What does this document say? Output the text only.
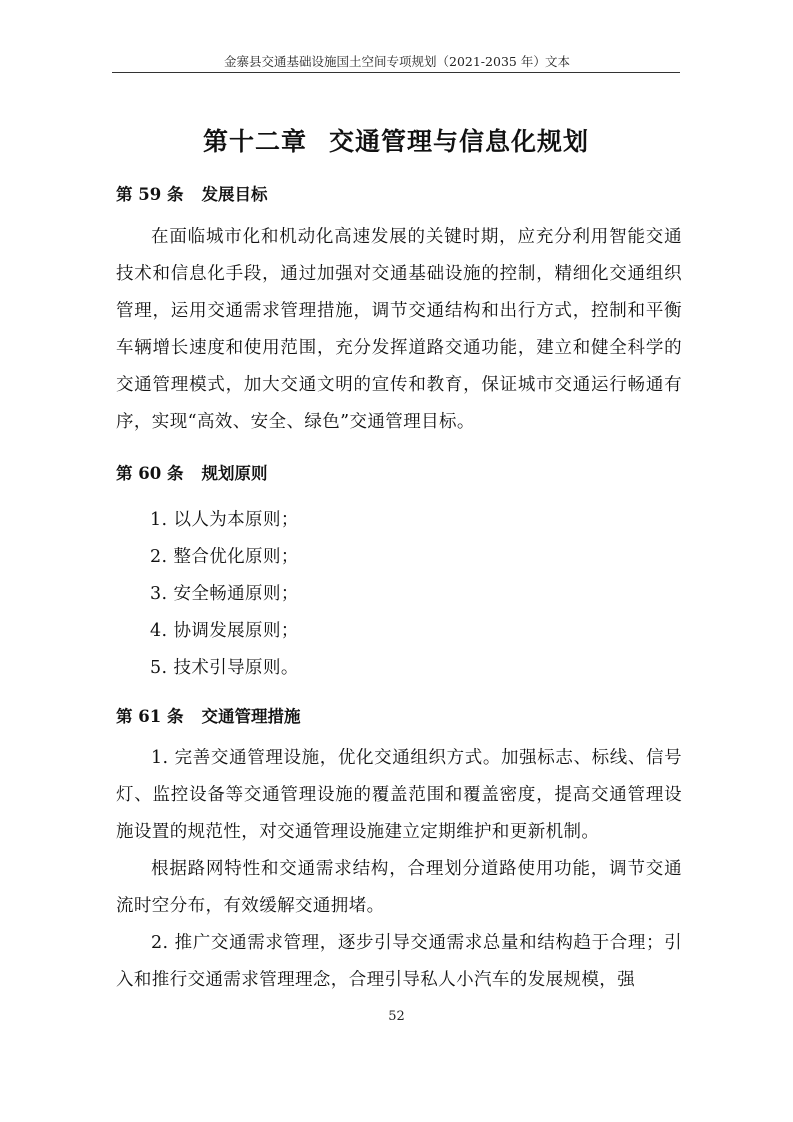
金寨县交通基础设施国土空间专项规划（2021-2035 年） 文本
第十二章 交通管理与信息化规划
第 59 条 发展目标
在面临城市化和机动化高速发展的关键时期，应充分利用智能交通技术和信息化手段，通过加强对交通基础设施的控制，精细化交通组织管理，运用交通需求管理措施，调节交通结构和出行方式，控制和平衡车辆增长速度和使用范围，充分发挥道路交通功能，建立和健全科学的交通管理模式，加大交通文明的宣传和教育，保证城市交通运行畅通有序，实现“高效、安全、绿色”交通管理目标。
第 60 条 规划原则
1. 以人为本原则；
2. 整合优化原则；
3. 安全畅通原则；
4. 协调发展原则；
5. 技术引导原则。
第 61 条 交通管理措施
1. 完善交通管理设施，优化交通组织方式。加强标志、标线、信号灯、监控设备等交通管理设施的覆盖范围和覆盖密度，提高交通管理设施设置的规范性，对交通管理设施建立定期维护和更新机制。
根据路网特性和交通需求结构，合理划分道路使用功能，调节交通流时空分布，有效缓解交通拥堵。
2. 推广交通需求管理，逐步引导交通需求总量和结构趋于合理；引入和推行交通需求管理理念，合理引导私人小汽车的发展规模，强
52
